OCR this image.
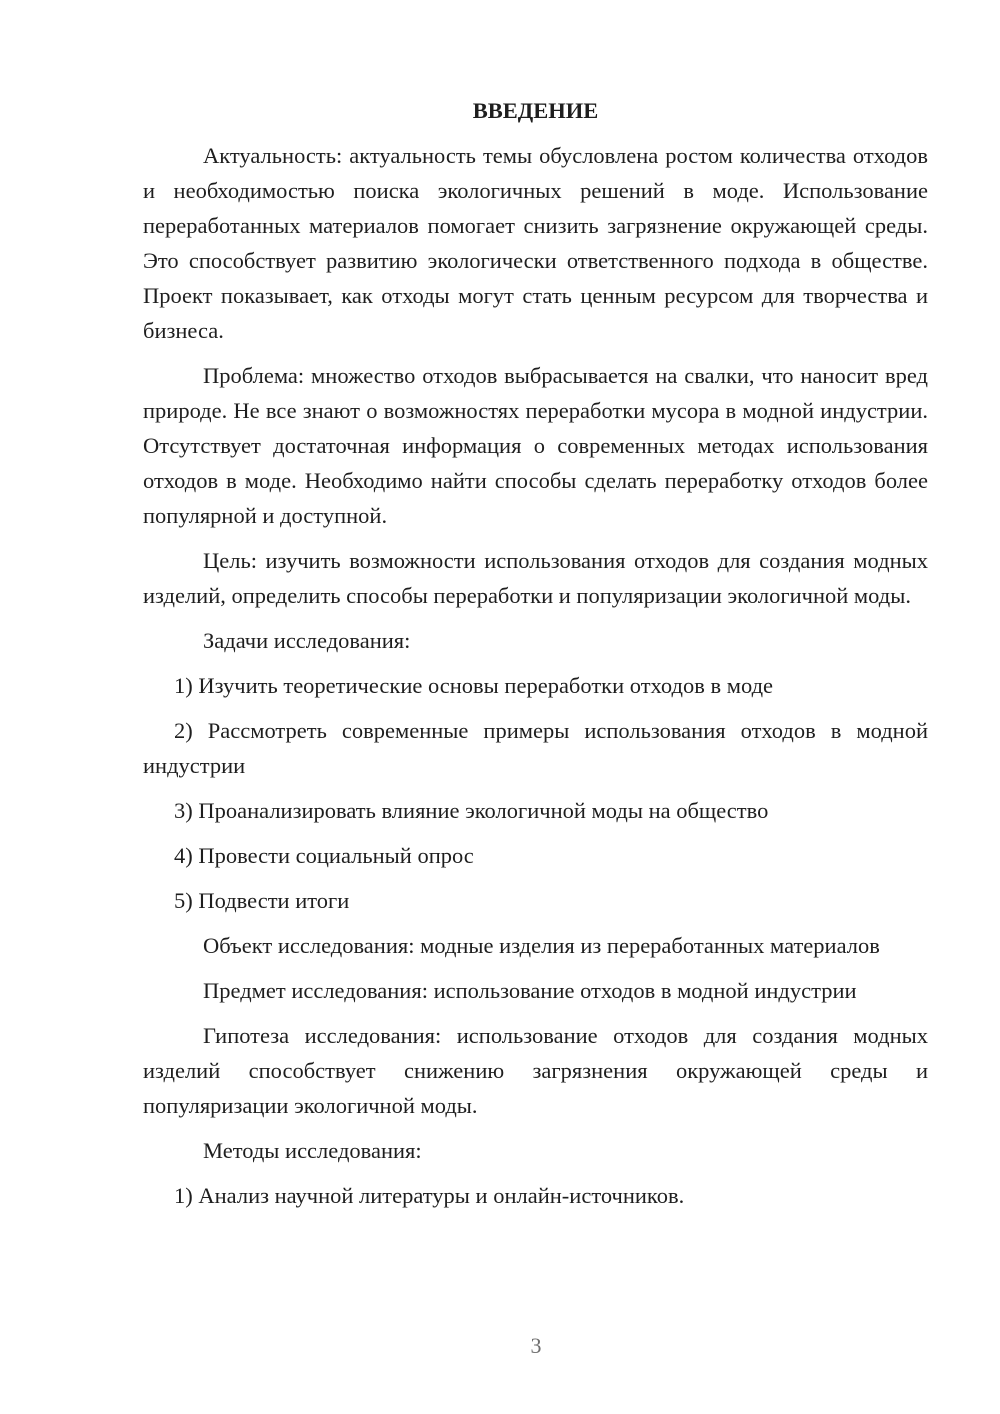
ВВЕДЕНИЕ

Актуальность: актуальность темы обусловлена ростом количества отходов и необходимостью поиска экологичных решений в моде. Использование переработанных материалов помогает снизить загрязнение окружающей среды. Это способствует развитию экологически ответственного подхода в обществе. Проект показывает, как отходы могут стать ценным ресурсом для творчества и бизнеса.

Проблема: множество отходов выбрасывается на свалки, что наносит вред природе. Не все знают о возможностях переработки мусора в модной индустрии. Отсутствует достаточная информация о современных методах использования отходов в моде. Необходимо найти способы сделать переработку отходов более популярной и доступной.

Цель: изучить возможности использования отходов для создания модных изделий, определить способы переработки и популяризации экологичной моды.

Задачи исследования:

1) Изучить теоретические основы переработки отходов в моде

2) Рассмотреть современные примеры использования отходов в модной индустрии

3) Проанализировать влияние экологичной моды на общество

4) Провести социальный опрос

5) Подвести итоги

Объект исследования: модные изделия из переработанных материалов

Предмет исследования: использование отходов в модной индустрии

Гипотеза исследования: использование отходов для создания модных изделий способствует снижению загрязнения окружающей среды и популяризации экологичной моды.

Методы исследования:

1) Анализ научной литературы и онлайн-источников.

3
